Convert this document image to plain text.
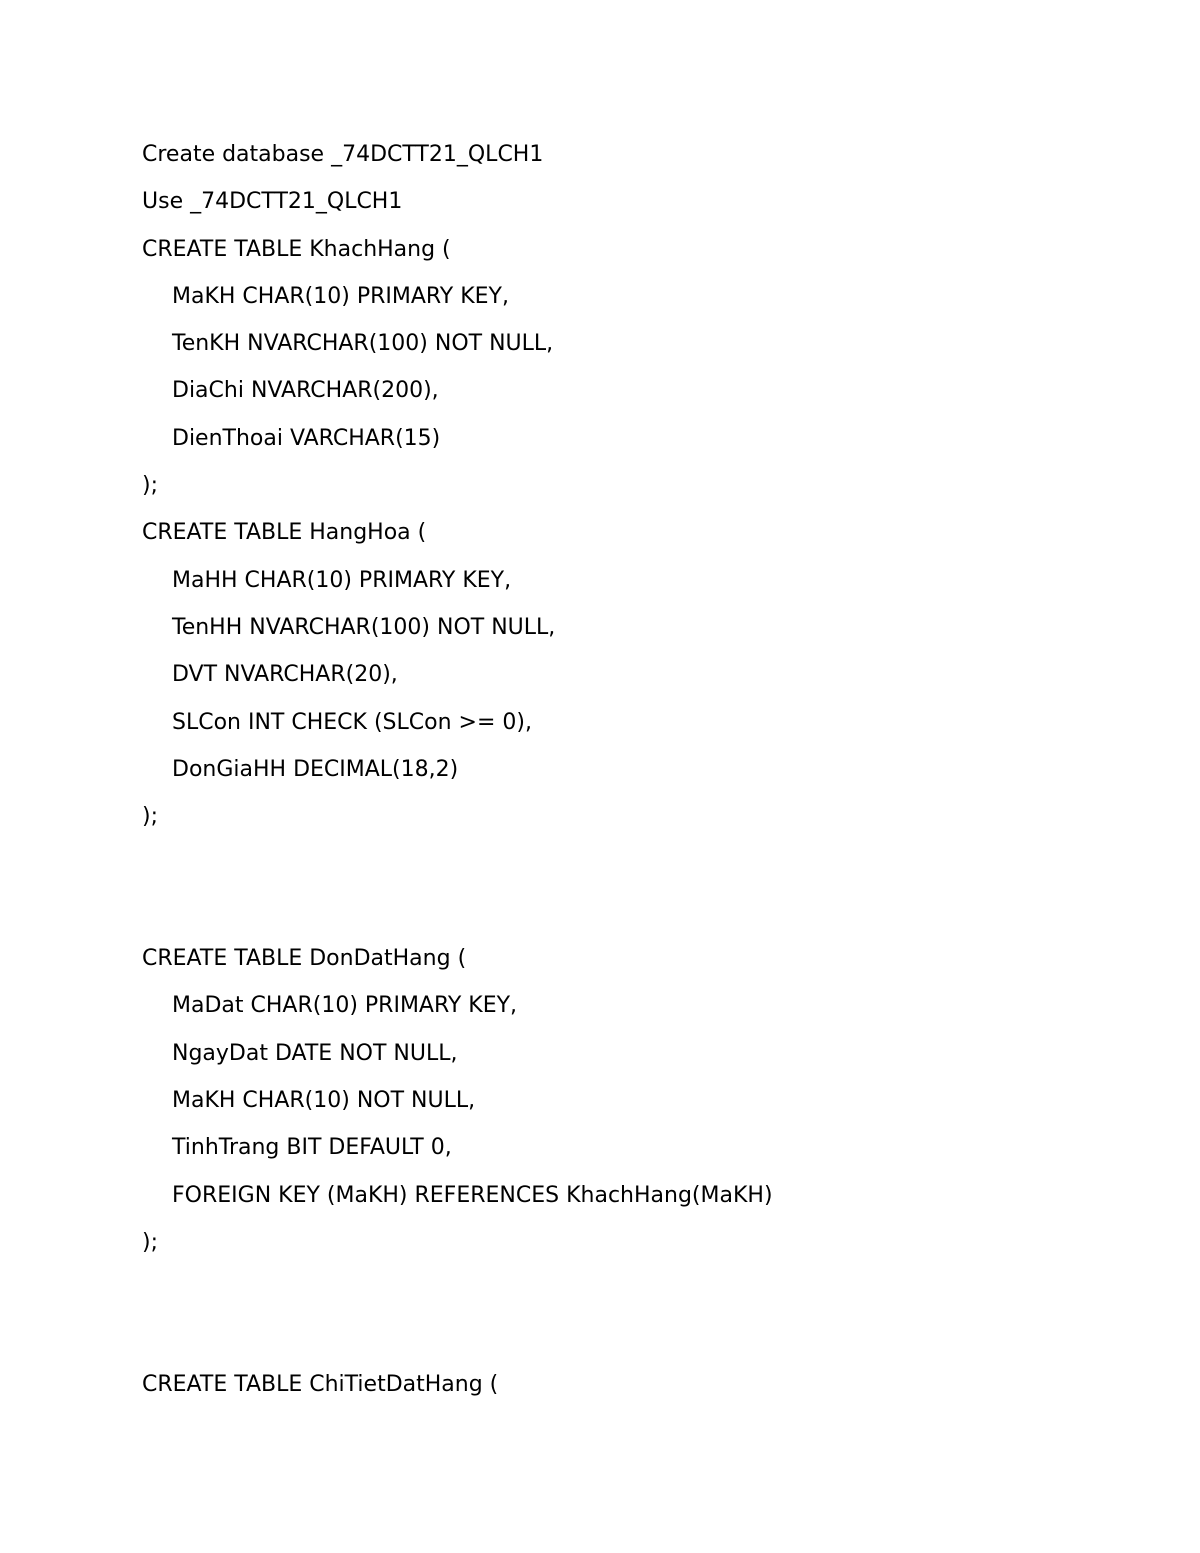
Create database _74DCTT21_QLCH1
Use _74DCTT21_QLCH1
CREATE TABLE KhachHang (
MaKH CHAR(10) PRIMARY KEY,
TenKH NVARCHAR(100) NOT NULL,
DiaChi NVARCHAR(200),
DienThoai VARCHAR(15)
);
CREATE TABLE HangHoa (
MaHH CHAR(10) PRIMARY KEY,
TenHH NVARCHAR(100) NOT NULL,
DVT NVARCHAR(20),
SLCon INT CHECK (SLCon >= 0),
DonGiaHH DECIMAL(18,2)
);
CREATE TABLE DonDatHang (
MaDat CHAR(10) PRIMARY KEY,
NgayDat DATE NOT NULL,
MaKH CHAR(10) NOT NULL,
TinhTrang BIT DEFAULT 0,
FOREIGN KEY (MaKH) REFERENCES KhachHang(MaKH)
);
CREATE TABLE ChiTietDatHang (
